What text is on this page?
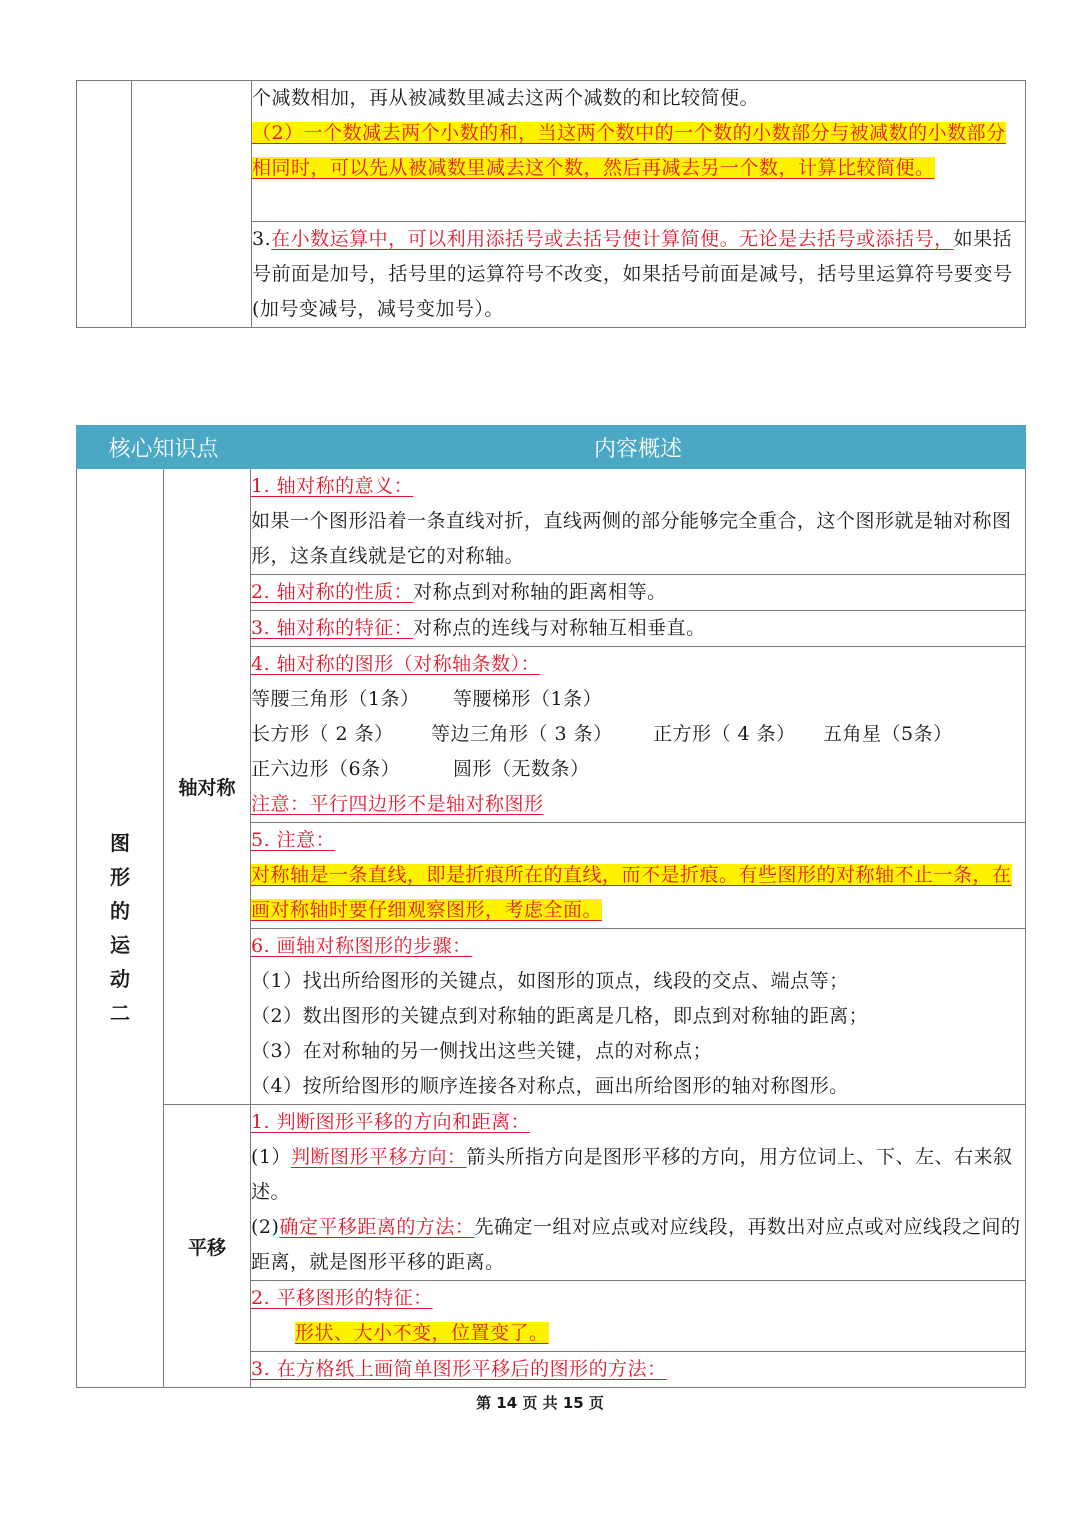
个减数相加，再从被减数里减去这两个减数的和比较简便。

（2）一个数减去两个小数的和，当这两个数中的一个数的小数部分与被减数的小数部分相同时，可以先从被减数里减去这个数，然后再减去另一个数，计算比较简便。

3.在小数运算中，可以利用添括号或去括号使计算简便。无论是去括号或添括号，如果括号前面是加号，括号里的运算符号不改变，如果括号前面是减号，括号里运算符号要变号(加号变减号，减号变加号）。

核心知识点		内容概述

图形的运动二	轴对称	1. 轴对称的意义：

如果一个图形沿着一条直线对折，直线两侧的部分能够完全重合，这个图形就是轴对称图形，这条直线就是它的对称轴。

		2. 轴对称的性质：对称点到对称轴的距离相等。

		3. 轴对称的特征：对称点的连线与对称轴互相垂直。

		4. 轴对称的图形（对称轴条数）：

等腰三角形（1条） 等腰梯形（1条）

长方形（ 2 条） 等边三角形（ 3 条） 正方形（ 4 条） 五角星（5条）

正六边形（6条） 圆形（无数条）

注意：平行四边形不是轴对称图形

		5. 注意：

对称轴是一条直线，即是折痕所在的直线，而不是折痕。有些图形的对称轴不止一条，在画对称轴时要仔细观察图形，考虑全面。

		6. 画轴对称图形的步骤：

（1）找出所给图形的关键点，如图形的顶点，线段的交点、端点等；

（2）数出图形的关键点到对称轴的距离是几格，即点到对称轴的距离；

（3）在对称轴的另一侧找出这些关键，点的对称点；

（4）按所给图形的顺序连接各对称点，画出所给图形的轴对称图形。

	平移	1. 判断图形平移的方向和距离：

(1）判断图形平移方向：箭头所指方向是图形平移的方向，用方位词上、下、左、右来叙述。

(2)确定平移距离的方法：先确定一组对应点或对应线段，再数出对应点或对应线段之间的距离，就是图形平移的距离。

		2. 平移图形的特征：

形状、大小不变，位置变了。

		3. 在方格纸上画简单图形平移后的图形的方法：

第 14 页 共 15 页
